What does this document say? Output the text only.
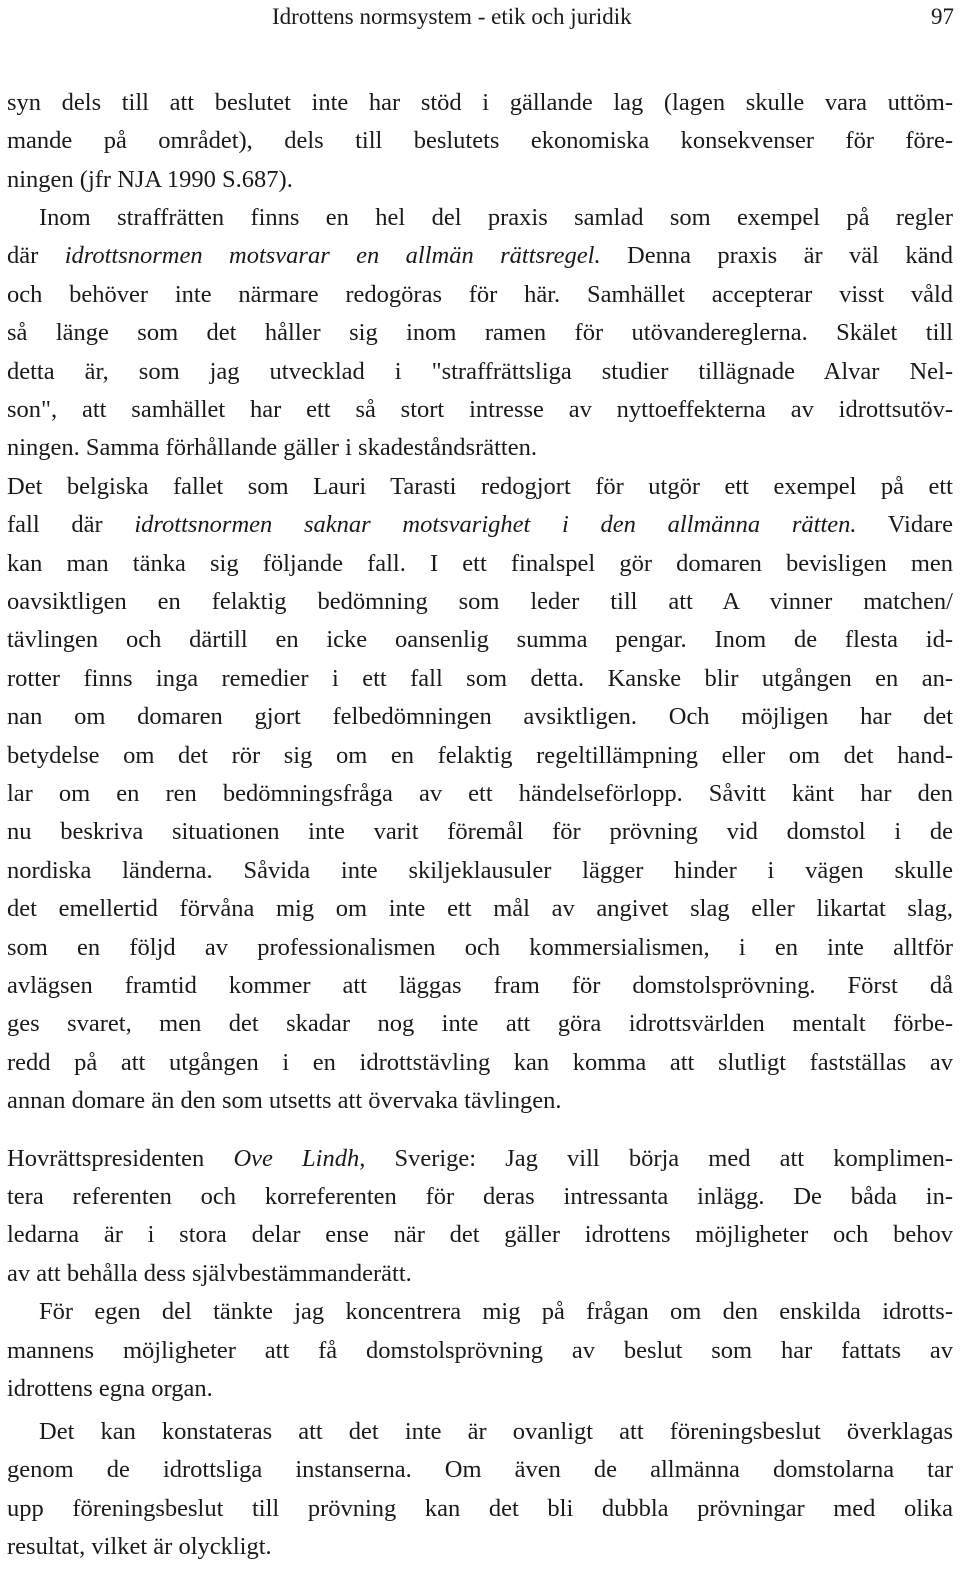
Idrottens normsystem - etik och juridik	97
syn dels till att beslutet inte har stöd i gällande lag (lagen skulle vara uttöm-
mande på området), dels till beslutets ekonomiska konsekvenser för före-
ningen (jfr NJA 1990 S.687).
Inom straffrätten finns en hel del praxis samlad som exempel på regler
där idrottsnormen motsvarar en allmän rättsregel. Denna praxis är väl känd
och behöver inte närmare redogöras för här. Samhället accepterar visst våld
så länge som det håller sig inom ramen för utövandereglerna. Skälet till
detta är, som jag utvecklad i "straffrättsliga studier tillägnade Alvar Nel-
son", att samhället har ett så stort intresse av nyttoeffekterna av idrottsutöv-
ningen. Samma förhållande gäller i skadeståndsrätten.
Det belgiska fallet som Lauri Tarasti redogjort för utgör ett exempel på ett
fall där idrottsnormen saknar motsvarighet i den allmänna rätten. Vidare
kan man tänka sig följande fall. I ett finalspel gör domaren bevisligen men
oavsiktligen en felaktig bedömning som leder till att A vinner matchen/
tävlingen och därtill en icke oansenlig summa pengar. Inom de flesta id-
rotter finns inga remedier i ett fall som detta. Kanske blir utgången en an-
nan om domaren gjort felbedömningen avsiktligen. Och möjligen har det
betydelse om det rör sig om en felaktig regeltillämpning eller om det hand-
lar om en ren bedömningsfråga av ett händelseförlopp. Såvitt känt har den
nu beskriva situationen inte varit föremål för prövning vid domstol i de
nordiska länderna. Såvida inte skiljeklausuler lägger hinder i vägen skulle
det emellertid förvåna mig om inte ett mål av angivet slag eller likartat slag,
som en följd av professionalismen och kommersialismen, i en inte alltför
avlägsen framtid kommer att läggas fram för domstolsprövning. Först då
ges svaret, men det skadar nog inte att göra idrottsvärlden mentalt förbe-
redd på att utgången i en idrottstävling kan komma att slutligt fastställas av
annan domare än den som utsetts att övervaka tävlingen.
Hovrättspresidenten Ove Lindh, Sverige: Jag vill börja med att komplimen-
tera referenten och korreferenten för deras intressanta inlägg. De båda in-
ledarna är i stora delar ense när det gäller idrottens möjligheter och behov
av att behålla dess självbestämmanderätt.
För egen del tänkte jag koncentrera mig på frågan om den enskilda idrotts-
mannens möjligheter att få domstolsprövning av beslut som har fattats av
idrottens egna organ.
Det kan konstateras att det inte är ovanligt att föreningsbeslut överklagas
genom de idrottsliga instanserna. Om även de allmänna domstolarna tar
upp föreningsbeslut till prövning kan det bli dubbla prövningar med olika
resultat, vilket är olyckligt.
